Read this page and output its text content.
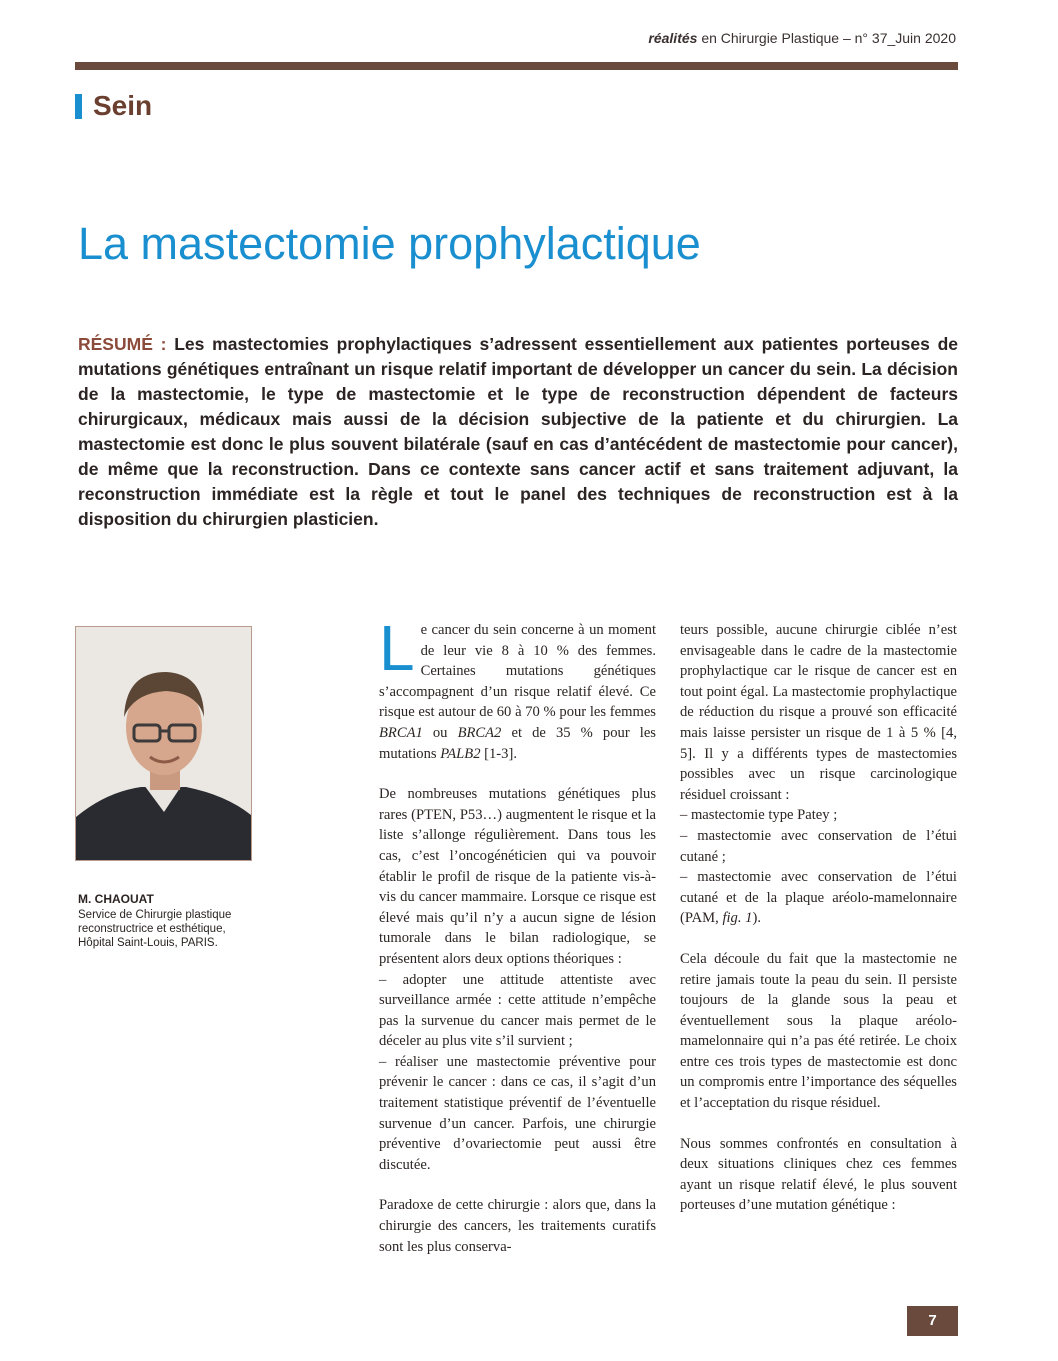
réalités en Chirurgie Plastique – n° 37_Juin 2020
Sein
La mastectomie prophylactique
RÉSUMÉ : Les mastectomies prophylactiques s’adressent essentiellement aux patientes porteuses de mutations génétiques entraînant un risque relatif important de développer un cancer du sein. La décision de la mastectomie, le type de mastectomie et le type de reconstruction dépendent de facteurs chirurgicaux, médicaux mais aussi de la décision subjective de la patiente et du chirurgien. La mastectomie est donc le plus souvent bilatérale (sauf en cas d’antécédent de mastectomie pour cancer), de même que la reconstruction. Dans ce contexte sans cancer actif et sans traitement adjuvant, la reconstruction immédiate est la règle et tout le panel des techniques de reconstruction est à la disposition du chirurgien plasticien.
M. CHAOUAT
Service de Chirurgie plastique
reconstructrice et esthétique,
Hôpital Saint-Louis, PARIS.

Le cancer du sein concerne à un moment de leur vie 8 à 10 % des femmes. Certaines mutations génétiques s’accompagnent d’un risque relatif élevé. Ce risque est autour de 60 à 70 % pour les femmes BRCA1 ou BRCA2 et de 35 % pour les mutations PALB2 [1-3].

De nombreuses mutations génétiques plus rares (PTEN, P53…) augmentent le risque et la liste s’allonge régulièrement. Dans tous les cas, c’est l’oncogénéticien qui va pouvoir établir le profil de risque de la patiente vis-à-vis du cancer mammaire. Lorsque ce risque est élevé mais qu’il n’y a aucun signe de lésion tumorale dans le bilan radiologique, se présentent alors deux options théoriques :

– adopter une attitude attentiste avec surveillance armée : cette attitude n’empêche pas la survenue du cancer mais permet de le déceler au plus vite s’il survient ;

– réaliser une mastectomie préventive pour prévenir le cancer : dans ce cas, il s’agit d’un traitement statistique préventif de l’éventuelle survenue d’un cancer. Parfois, une chirurgie préventive d’ovariectomie peut aussi être discutée.

Paradoxe de cette chirurgie : alors que, dans la chirurgie des cancers, les traitements curatifs sont les plus conserva-

teurs possible, aucune chirurgie ciblée n’est envisageable dans le cadre de la mastectomie prophylactique car le risque de cancer est en tout point égal. La mastectomie prophylactique de réduction du risque a prouvé son efficacité mais laisse persister un risque de 1 à 5 % [4, 5]. Il y a différents types de mastectomies possibles avec un risque carcinologique résiduel croissant :

– mastectomie type Patey ;

– mastectomie avec conservation de l’étui cutané ;

– mastectomie avec conservation de l’étui cutané et de la plaque aréolo-mamelonnaire (PAM, fig. 1).

Cela découle du fait que la mastectomie ne retire jamais toute la peau du sein. Il persiste toujours de la glande sous la peau et éventuellement sous la plaque aréolo-mamelonnaire qui n’a pas été retirée. Le choix entre ces trois types de mastectomie est donc un compromis entre l’importance des séquelles et l’acceptation du risque résiduel.

Nous sommes confrontés en consultation à deux situations cliniques chez ces femmes ayant un risque relatif élevé, le plus souvent porteuses d’une mutation génétique :

7
